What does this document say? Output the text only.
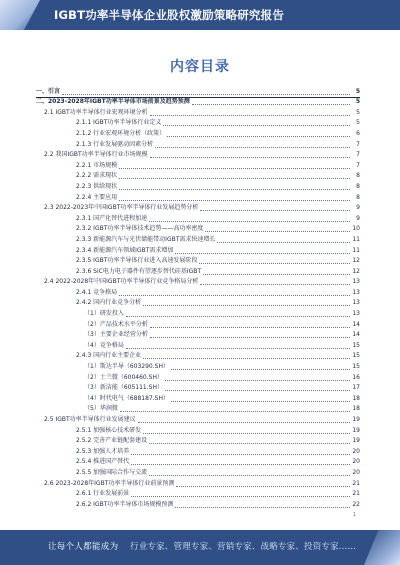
IGBT功率半导体企业股权激励策略研究报告
内容目录
一、引言	5
二、2023-2028年IGBT功率半导体市场前景及趋势预测	5
2.1 IGBT功率半导体行业宏观环境分析	5
2.1.1 IGBT功率半导体行业定义	5
2.1.2 行业宏观环境分析（政策）	6
2.1.3 行业发展驱动因素分析	7
2.2 我国IGBT功率半导体行业市场规模	7
2.2.1 市场规模	7
2.2.2 需求现状	8
2.2.3 供给现状	8
2.2.4 主要应用	8
2.3 2022-2023年中国IGBT功率半导体行业发展趋势分析	9
2.3.1 国产化替代进程加速	9
2.3.2 IGBT功率半导体技术趋势——高功率密度	10
2.3.3 新能源汽车与光伏储能带动IGBT需求快速增长	11
2.3.4 新能源汽车领域IGBT需求增加	11
2.3.5 IGBT功率半导体行业进入高速发展阶段	12
2.3.6 SiC电力电子器件有望逐步替代硅基IGBT	12
2.4 2022-2028年中国IGBT功率半导体行业竞争格局分析	13
2.4.1 竞争格局	13
2.4.2 国内行业竞争分析	13
（1）研发投入	13
（2）产品技术水平分析	14
（3）主要企业经营分析	14
（4）竞争格局	15
2.4.3 国内行业主要企业	15
（1）斯达半导（603290.SH）	15
（2）士兰微（600460.SH）	16
（3）新洁能（605111.SH）	17
（4）时代电气（688187.SH）	18
（5）华润微	18
2.5 IGBT功率半导体行业发展建议	19
2.5.1 加强核心技术研发	19
2.5.2 完善产业链配套建设	19
2.5.3 加强人才培养	20
2.5.4 推进国产替代	20
2.5.5 加强国际合作与交流	20
2.6 2023-2028年IGBT功率半导体行业前景预测	21
2.6.1 行业发展前景	21
2.6.2 IGBT功率半导体市场规模预测	22
1
让每个人都能成为 行业专家、管理专家、营销专家、战略专家、投资专家……
